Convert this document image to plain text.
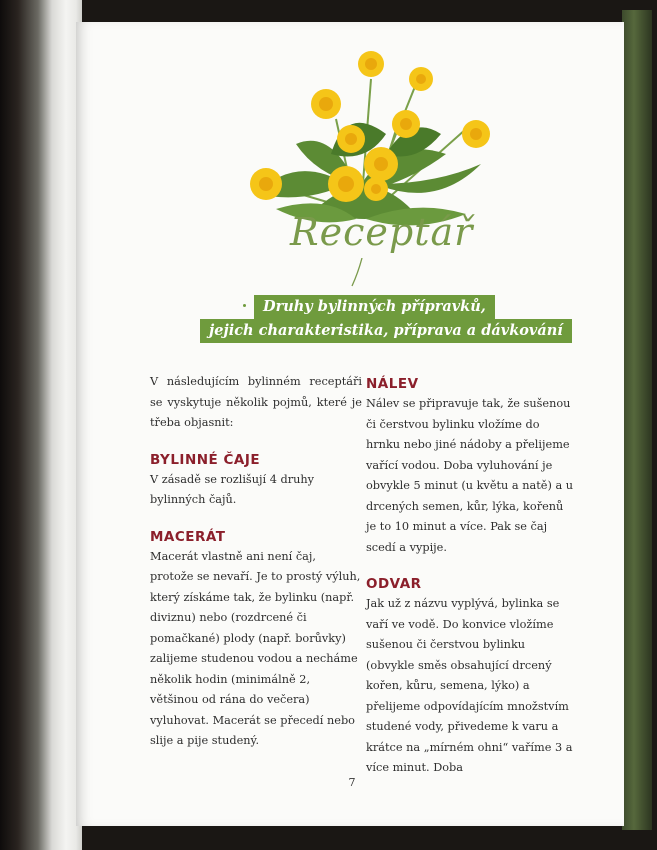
Receptář
Druhy bylinných přípravků,
jejich charakteristika, příprava a dávkování

V následujícím bylinném receptáři se vyskytuje několik pojmů, které je třeba objasnit:

BYLINNÉ ČAJE

V zásadě se rozlišují 4 druhy bylinných čajů.

MACERÁT

Macerát vlastně ani není čaj, protože se nevaří. Je to prostý výluh, který získáme tak, že bylinku (např. diviznu) nebo (rozdrcené či pomačkané) plody (např. borůvky) zalijeme studenou vodou a necháme několik hodin (minimálně 2, většinou od rána do večera) vyluhovat. Macerát se přecedí nebo slije a pije studený.

NÁLEV

Nálev se připravuje tak, že sušenou či čerstvou bylinku vložíme do hrnku nebo jiné nádoby a přelijeme vařící vodou. Doba vyluhování je obvykle 5 minut (u květu a natě) a u drcených semen, kůr, lýka, kořenů je to 10 minut a více. Pak se čaj scedí a vypije.

ODVAR

Jak už z názvu vyplývá, bylinka se vaří ve vodě. Do konvice vložíme sušenou či čerstvou bylinku (obvykle směs obsahující drcený kořen, kůru, semena, lýko) a přelijeme odpovídajícím množstvím studené vody, přivedeme k varu a krátce na „mírném ohni“ vaříme 3 a více minut. Doba

7
